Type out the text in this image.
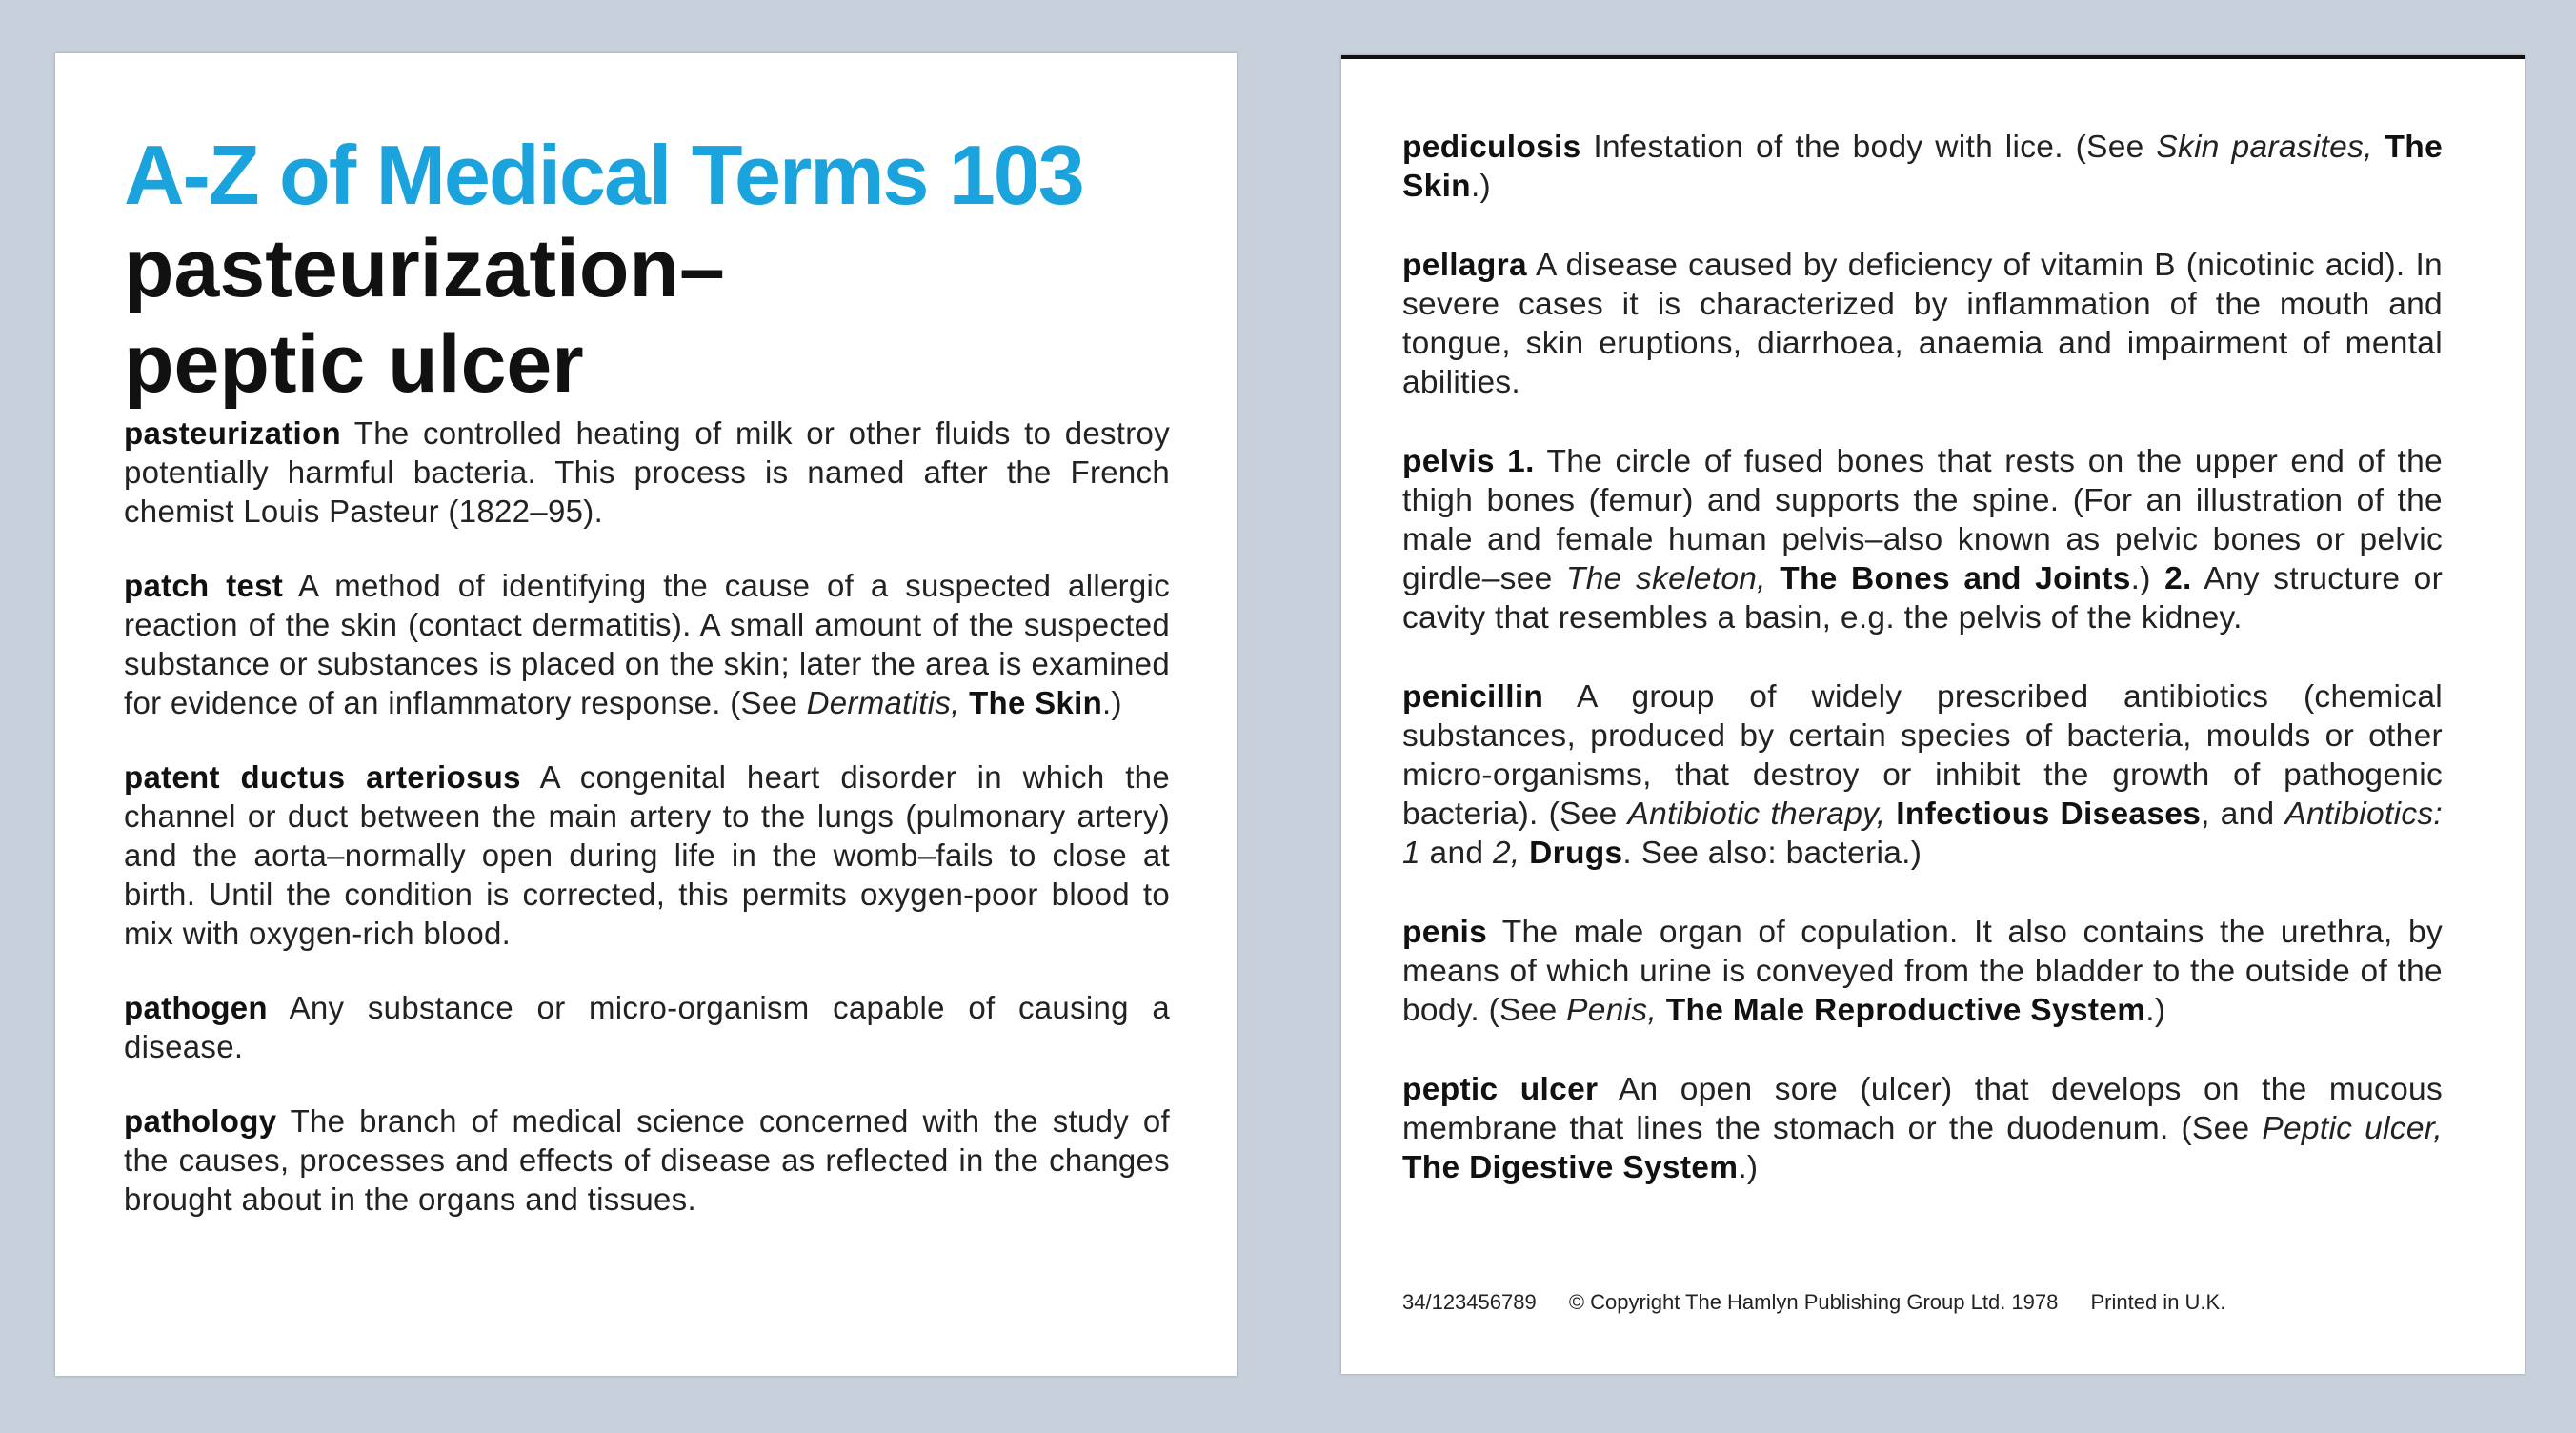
A-Z of Medical Terms 103
pasteurization–
peptic ulcer

pasteurization The controlled heating of milk or other fluids to destroy potentially harmful bacteria. This process is named after the French chemist Louis Pasteur (1822–95).

patch test A method of identifying the cause of a suspected allergic reaction of the skin (contact dermatitis). A small amount of the suspected substance or substances is placed on the skin; later the area is examined for evidence of an inflammatory response. (See Dermatitis, The Skin.)

patent ductus arteriosus A congenital heart disorder in which the channel or duct between the main artery to the lungs (pulmonary artery) and the aorta–normally open during life in the womb–fails to close at birth. Until the condition is corrected, this permits oxygen-poor blood to mix with oxygen-rich blood.

pathogen Any substance or micro-organism capable of causing a disease.

pathology The branch of medical science concerned with the study of the causes, processes and effects of disease as reflected in the changes brought about in the organs and tissues.

pediculosis Infestation of the body with lice. (See Skin parasites, The Skin.)

pellagra A disease caused by deficiency of vitamin B (nicotinic acid). In severe cases it is characterized by inflammation of the mouth and tongue, skin eruptions, diarrhoea, anaemia and impairment of mental abilities.

pelvis 1. The circle of fused bones that rests on the upper end of the thigh bones (femur) and supports the spine. (For an illustration of the male and female human pelvis–also known as pelvic bones or pelvic girdle–see The skeleton, The Bones and Joints.) 2. Any structure or cavity that resembles a basin, e.g. the pelvis of the kidney.

penicillin A group of widely prescribed antibiotics (chemical substances, produced by certain species of bacteria, moulds or other micro-organisms, that destroy or inhibit the growth of pathogenic bacteria). (See Antibiotic therapy, Infectious Diseases, and Antibiotics: 1 and 2, Drugs. See also: bacteria.)

penis The male organ of copulation. It also contains the urethra, by means of which urine is conveyed from the bladder to the outside of the body. (See Penis, The Male Reproductive System.)

peptic ulcer An open sore (ulcer) that develops on the mucous membrane that lines the stomach or the duodenum. (See Peptic ulcer, The Digestive System.)

34/123456789 © Copyright The Hamlyn Publishing Group Ltd. 1978 Printed in U.K.
